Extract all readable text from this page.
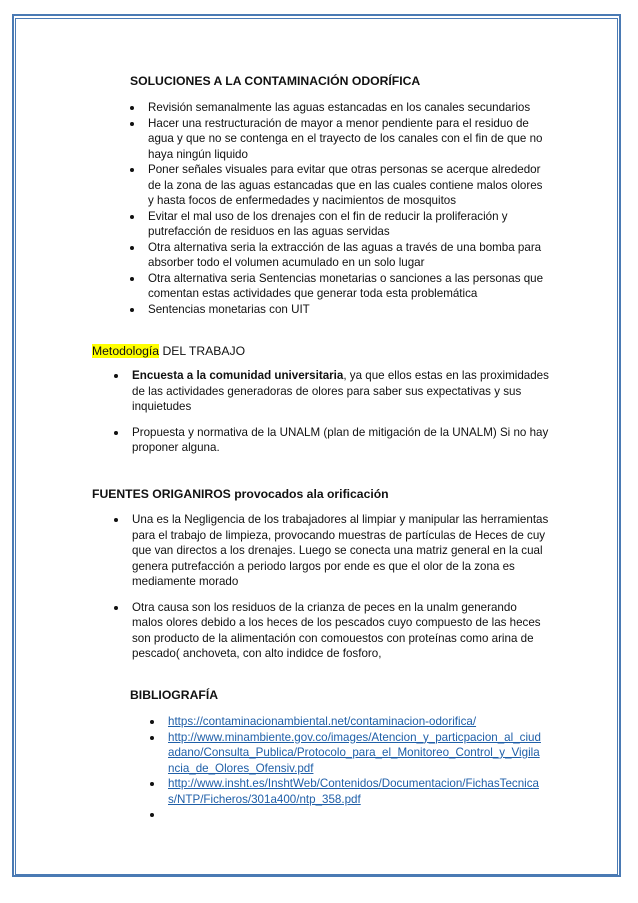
SOLUCIONES A LA CONTAMINACIÓN ODORÍFICA
Revisión semanalmente las aguas estancadas en los canales secundarios
Hacer una restructuración de mayor a menor pendiente para el residuo de agua y que no se contenga en el trayecto de los canales con el fin de que no haya ningún liquido
Poner señales visuales para evitar que otras personas se acerque alrededor de la zona de las aguas estancadas que en las cuales contiene malos olores y hasta focos de enfermedades y nacimientos de mosquitos
Evitar el mal uso de los drenajes con el fin de reducir la proliferación y putrefacción de residuos en las aguas servidas
Otra alternativa seria la extracción de las aguas a través de una bomba para absorber todo el volumen acumulado en un solo lugar
Otra alternativa seria Sentencias monetarias o sanciones a las personas que comentan estas actividades que generar toda esta problemática
Sentencias monetarias con UIT
Metodología DEL TRABAJO
Encuesta a la comunidad universitaria, ya que ellos estas en las proximidades de las actividades generadoras de olores para saber sus expectativas y sus inquietudes
Propuesta y normativa de la UNALM (plan de mitigación de la UNALM) Si no hay proponer alguna.
FUENTES ORIGANIROS provocados ala orificación
Una es la Negligencia de los trabajadores al limpiar y manipular las herramientas para el trabajo de limpieza, provocando muestras de partículas de Heces de cuy que van directos a los drenajes. Luego se conecta una matriz general en la cual genera putrefacción a periodo largos por ende es que el olor de la zona es mediamente morado
Otra causa son los residuos de la crianza de peces en la unalm generando malos olores debido a los heces de los pescados cuyo compuesto de las heces son producto de la alimentación con comouestos con proteínas como arina de pescado( anchoveta, con alto indidce de fosforo,
BIBLIOGRAFÍA
https://contaminacionambiental.net/contaminacion-odorifica/
http://www.minambiente.gov.co/images/Atencion_y_particpacion_al_ciudadano/Consulta_Publica/Protocolo_para_el_Monitoreo_Control_y_Vigilancia_de_Olores_Ofensiv.pdf
http://www.insht.es/InshtWeb/Contenidos/Documentacion/FichasTecnicas/NTP/Ficheros/301a400/ntp_358.pdf
